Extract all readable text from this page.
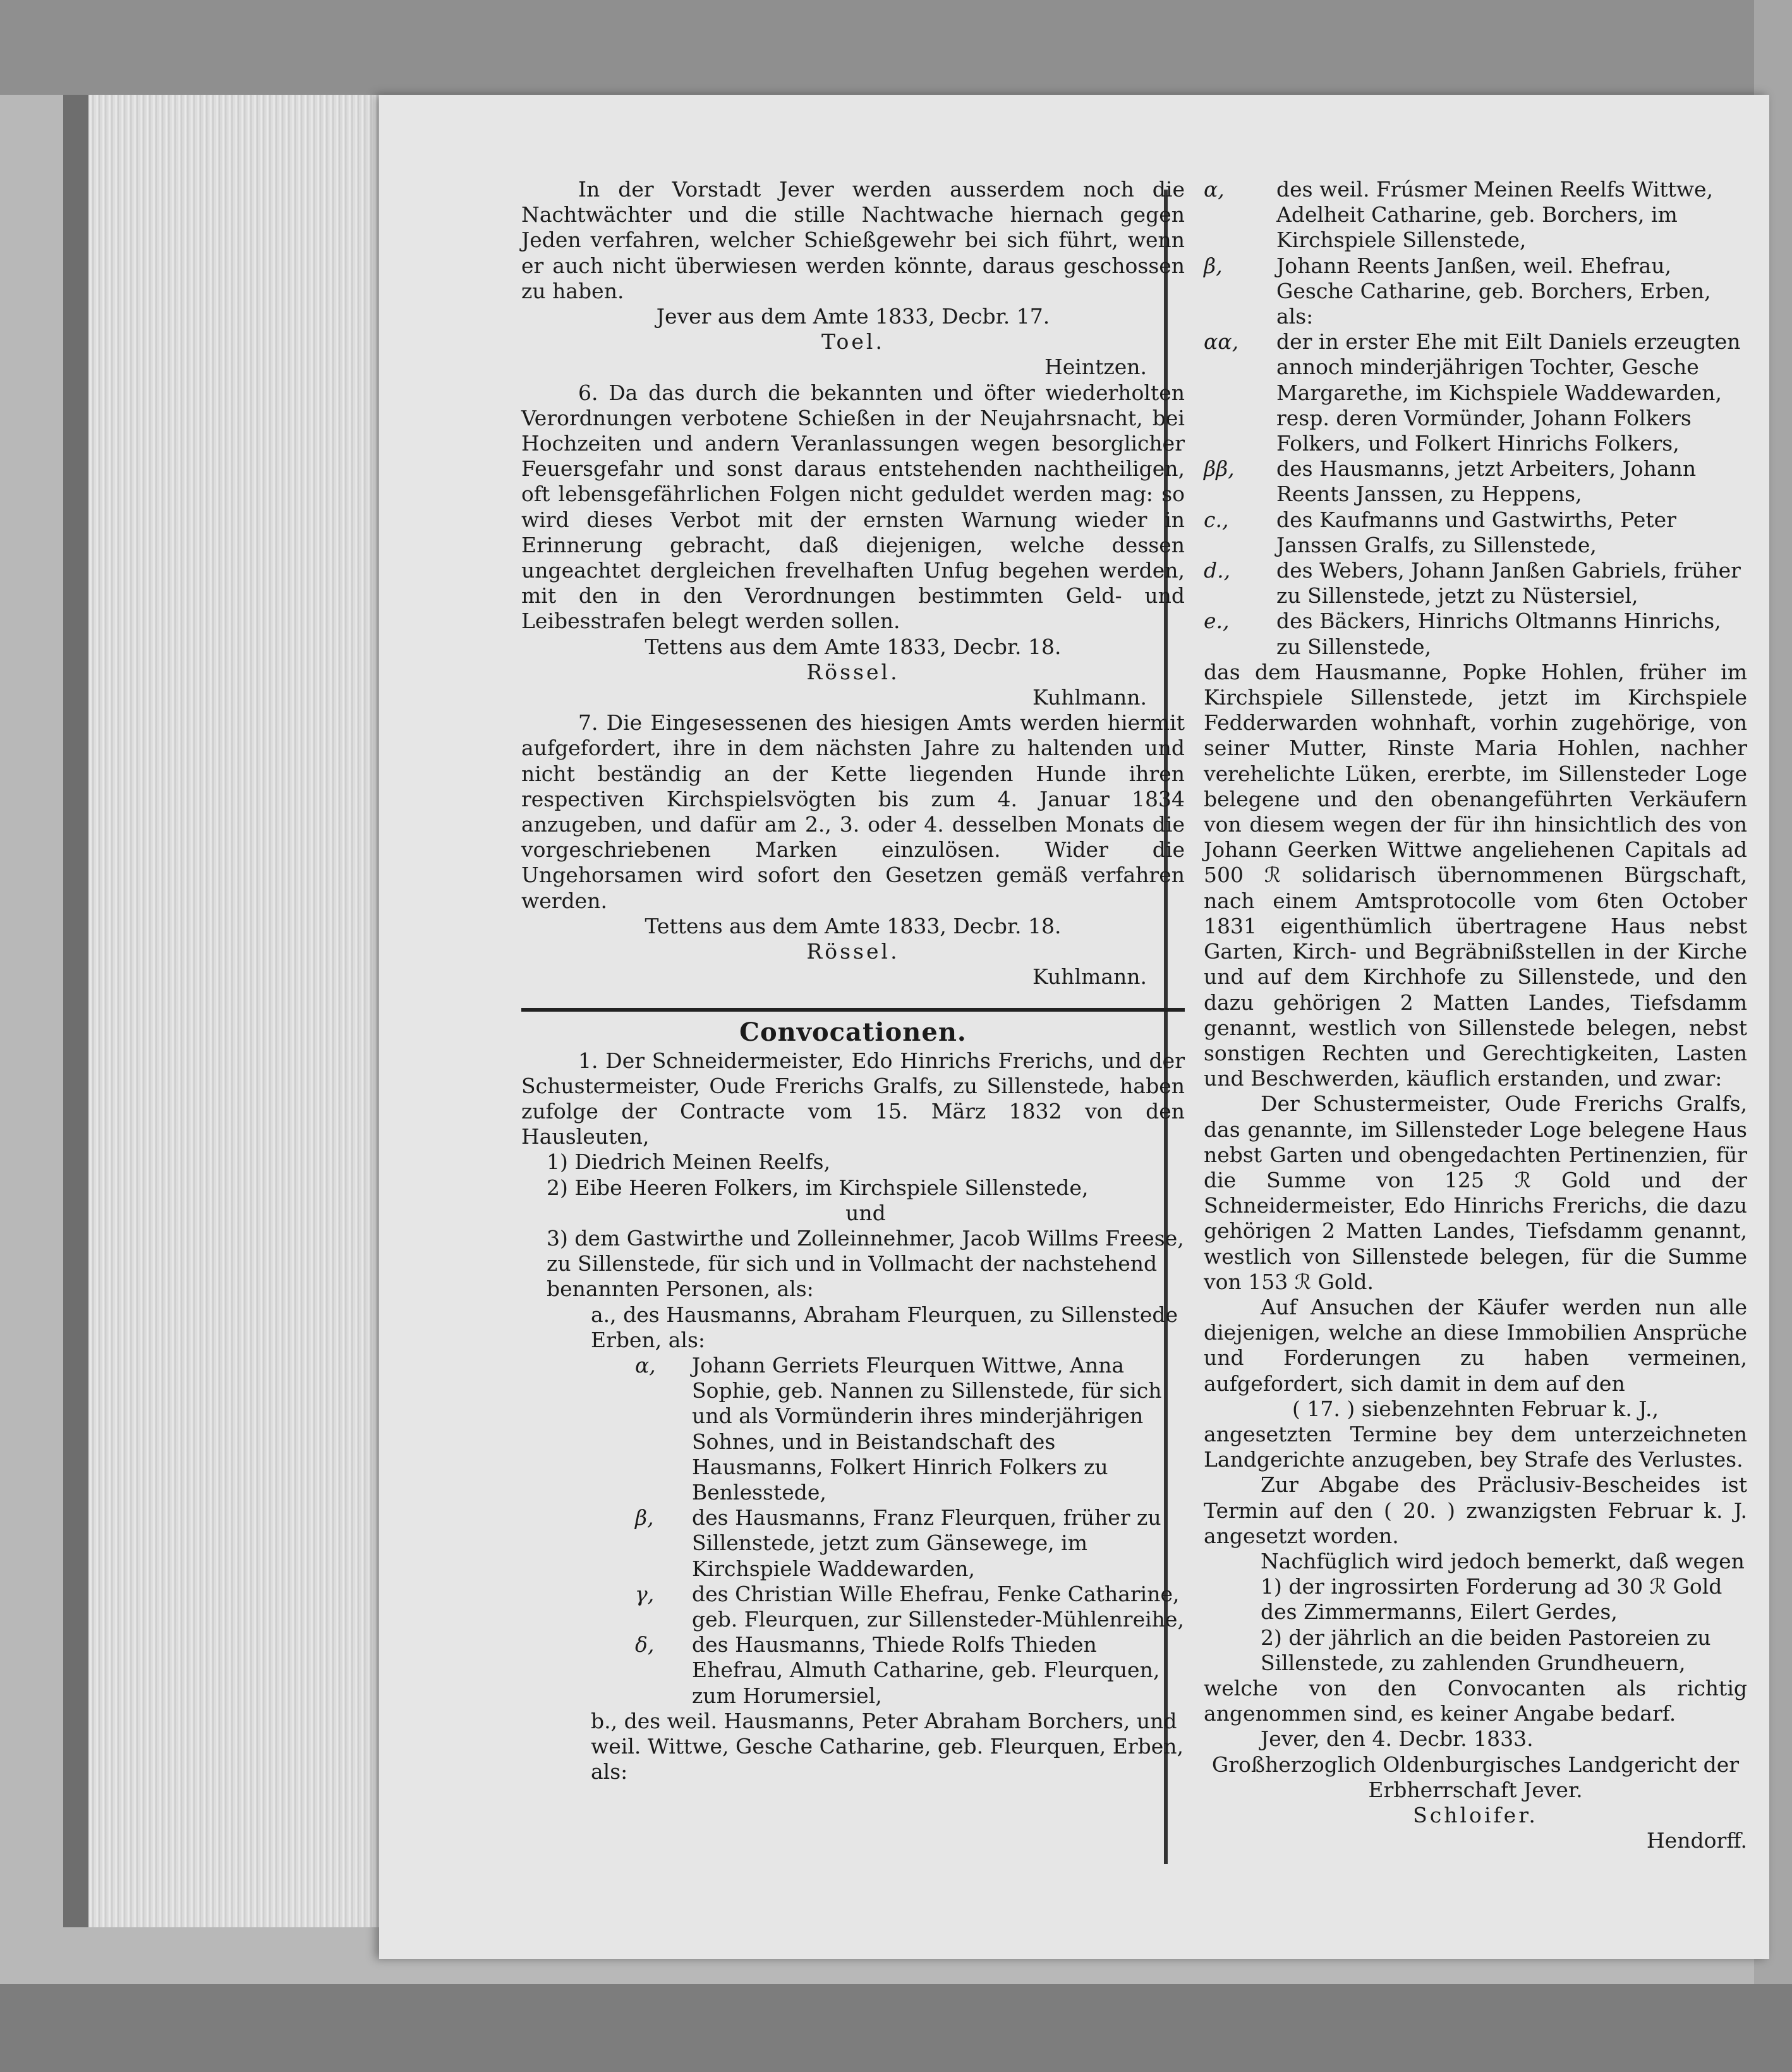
In der Vorstadt Jever werden ausserdem noch die Nachtwächter und die stille Nachtwache hiernach gegen Jeden verfahren, welcher Schießgewehr bei sich führt, wenn er auch nicht überwiesen werden könnte, daraus geschossen zu haben.

Jever aus dem Amte 1833, Decbr. 17.

Toel.

Heintzen.

6. Da das durch die bekannten und öfter wiederholten Verordnungen verbotene Schießen in der Neujahrsnacht, bei Hochzeiten und andern Veranlassungen wegen besorglicher Feuersgefahr und sonst daraus entstehenden nachtheiligen, oft lebensgefährlichen Folgen nicht geduldet werden mag: so wird dieses Verbot mit der ernsten Warnung wieder in Erinnerung gebracht, daß diejenigen, welche dessen ungeachtet dergleichen frevelhaften Unfug begehen werden, mit den in den Verordnungen bestimmten Geld- und Leibesstrafen belegt werden sollen.

Tettens aus dem Amte 1833, Decbr. 18.

Rössel.

Kuhlmann.

7. Die Eingesessenen des hiesigen Amts werden hiermit aufgefordert, ihre in dem nächsten Jahre zu haltenden und nicht beständig an der Kette liegenden Hunde ihren respectiven Kirchspielsvögten bis zum 4. Januar 1834 anzugeben, und dafür am 2., 3. oder 4. desselben Monats die vorgeschriebenen Marken einzulösen. Wider die Ungehorsamen wird sofort den Gesetzen gemäß verfahren werden.

Tettens aus dem Amte 1833, Decbr. 18.

Rössel.

Kuhlmann.

Convocationen.

1. Der Schneidermeister, Edo Hinrichs Frerichs, und der Schustermeister, Oude Frerichs Gralfs, zu Sillenstede, haben zufolge der Contracte vom 15. März 1832 von den Hausleuten,

1) Diedrich Meinen Reelfs,
2) Eibe Heeren Folkers, im Kirchspiele Sillenstede,
und
3) dem Gastwirthe und Zolleinnehmer, Jacob Willms Freese, zu Sillenstede, für sich und in Vollmacht der nachstehend benannten Personen, als:
a., des Hausmanns, Abraham Fleurquen, zu Sillenstede Erben, als:
α, Johann Gerriets Fleurquen Wittwe, Anna Sophie, geb. Nannen zu Sillenstede, für sich und als Vormünderin ihres minderjährigen Sohnes, und in Beistandschaft des Hausmanns, Folkert Hinrich Folkers zu Benlesstede,
β, des Hausmanns, Franz Fleurquen, früher zu Sillenstede, jetzt zum Gänsewege, im Kirchspiele Waddewarden,
γ, des Christian Wille Ehefrau, Fenke Catharine, geb. Fleurquen, zur Sillensteder-Mühlenreihe,
δ, des Hausmanns, Thiede Rolfs Thieden Ehefrau, Almuth Catharine, geb. Fleurquen, zum Horumersiel,
b., des weil. Hausmanns, Peter Abraham Borchers, und weil. Wittwe, Gesche Catharine, geb. Fleurquen, Erben, als:
α, des weil. Frúsmer Meinen Reelfs Wittwe, Adelheit Catharine, geb. Borchers, im Kirchspiele Sillenstede,
β,	Johann Reents Janßen, weil. Ehefrau, Gesche Catharine, geb. Borchers, Erben, als:
αα, der in erster Ehe mit Eilt Daniels erzeugten annoch minderjährigen Tochter, Gesche Margarethe, im Kichspiele Waddewarden, resp. deren Vormünder, Johann Folkers Folkers, und Folkert Hinrichs Folkers,
ββ, des Hausmanns, jetzt Arbeiters, Johann Reents Janssen, zu Heppens,
c., des Kaufmanns und Gastwirths, Peter Janssen Gralfs, zu Sillenstede,
d., des Webers, Johann Janßen Gabriels, früher zu Sillenstede, jetzt zu Nüstersiel,
e., des Bäckers, Hinrichs Oltmanns Hinrichs, zu Sillenstede,

das dem Hausmanne, Popke Hohlen, früher im Kirchspiele Sillenstede, jetzt im Kirchspiele Fedderwarden wohnhaft, vorhin zugehörige, von seiner Mutter, Rinste Maria Hohlen, nachher verehelichte Lüken, ererbte, im Sillensteder Loge belegene und den obenangeführten Verkäufern von diesem wegen der für ihn hinsichtlich des von Johann Geerken Wittwe angeliehenen Capitals ad 500 ℛ solidarisch übernommenen Bürgschaft, nach einem Amtsprotocolle vom 6ten October 1831 eigenthümlich übertragene Haus nebst Garten, Kirch- und Begräbnißstellen in der Kirche und auf dem Kirchhofe zu Sillenstede, und den dazu gehörigen 2 Matten Landes, Tiefsdamm genannt, westlich von Sillenstede belegen, nebst sonstigen Rechten und Gerechtigkeiten, Lasten und Beschwerden, käuflich erstanden, und zwar:

Der Schustermeister, Oude Frerichs Gralfs, das genannte, im Sillensteder Loge belegene Haus nebst Garten und obengedachten Pertinenzien, für die Summe von 125 ℛ Gold und der Schneidermeister, Edo Hinrichs Frerichs, die dazu gehörigen 2 Matten Landes, Tiefsdamm genannt, westlich von Sillenstede belegen, für die Summe von 153 ℛ Gold.

Auf Ansuchen der Käufer werden nun alle diejenigen, welche an diese Immobilien Ansprüche und Forderungen zu haben vermeinen, aufgefordert, sich damit in dem auf den

( 17. ) siebenzehnten Februar k. J.,

angesetzten Termine bey dem unterzeichneten Landgerichte anzugeben, bey Strafe des Verlustes.

Zur Abgabe des Präclusiv-Bescheides ist Termin auf den ( 20. ) zwanzigsten Februar k. J. angesetzt worden.

Nachfüglich wird jedoch bemerkt, daß wegen

1) der ingrossirten Forderung ad 30 ℛ Gold des Zimmermanns, Eilert Gerdes,
2) der jährlich an die beiden Pastoreien zu Sillenstede, zu zahlenden Grundheuern,

welche von den Convocanten als richtig angenommen sind, es keiner Angabe bedarf.

Jever, den 4. Decbr. 1833.

Großherzoglich Oldenburgisches Landgericht der

Erbherrschaft Jever.

Schloifer.

Hendorff.
